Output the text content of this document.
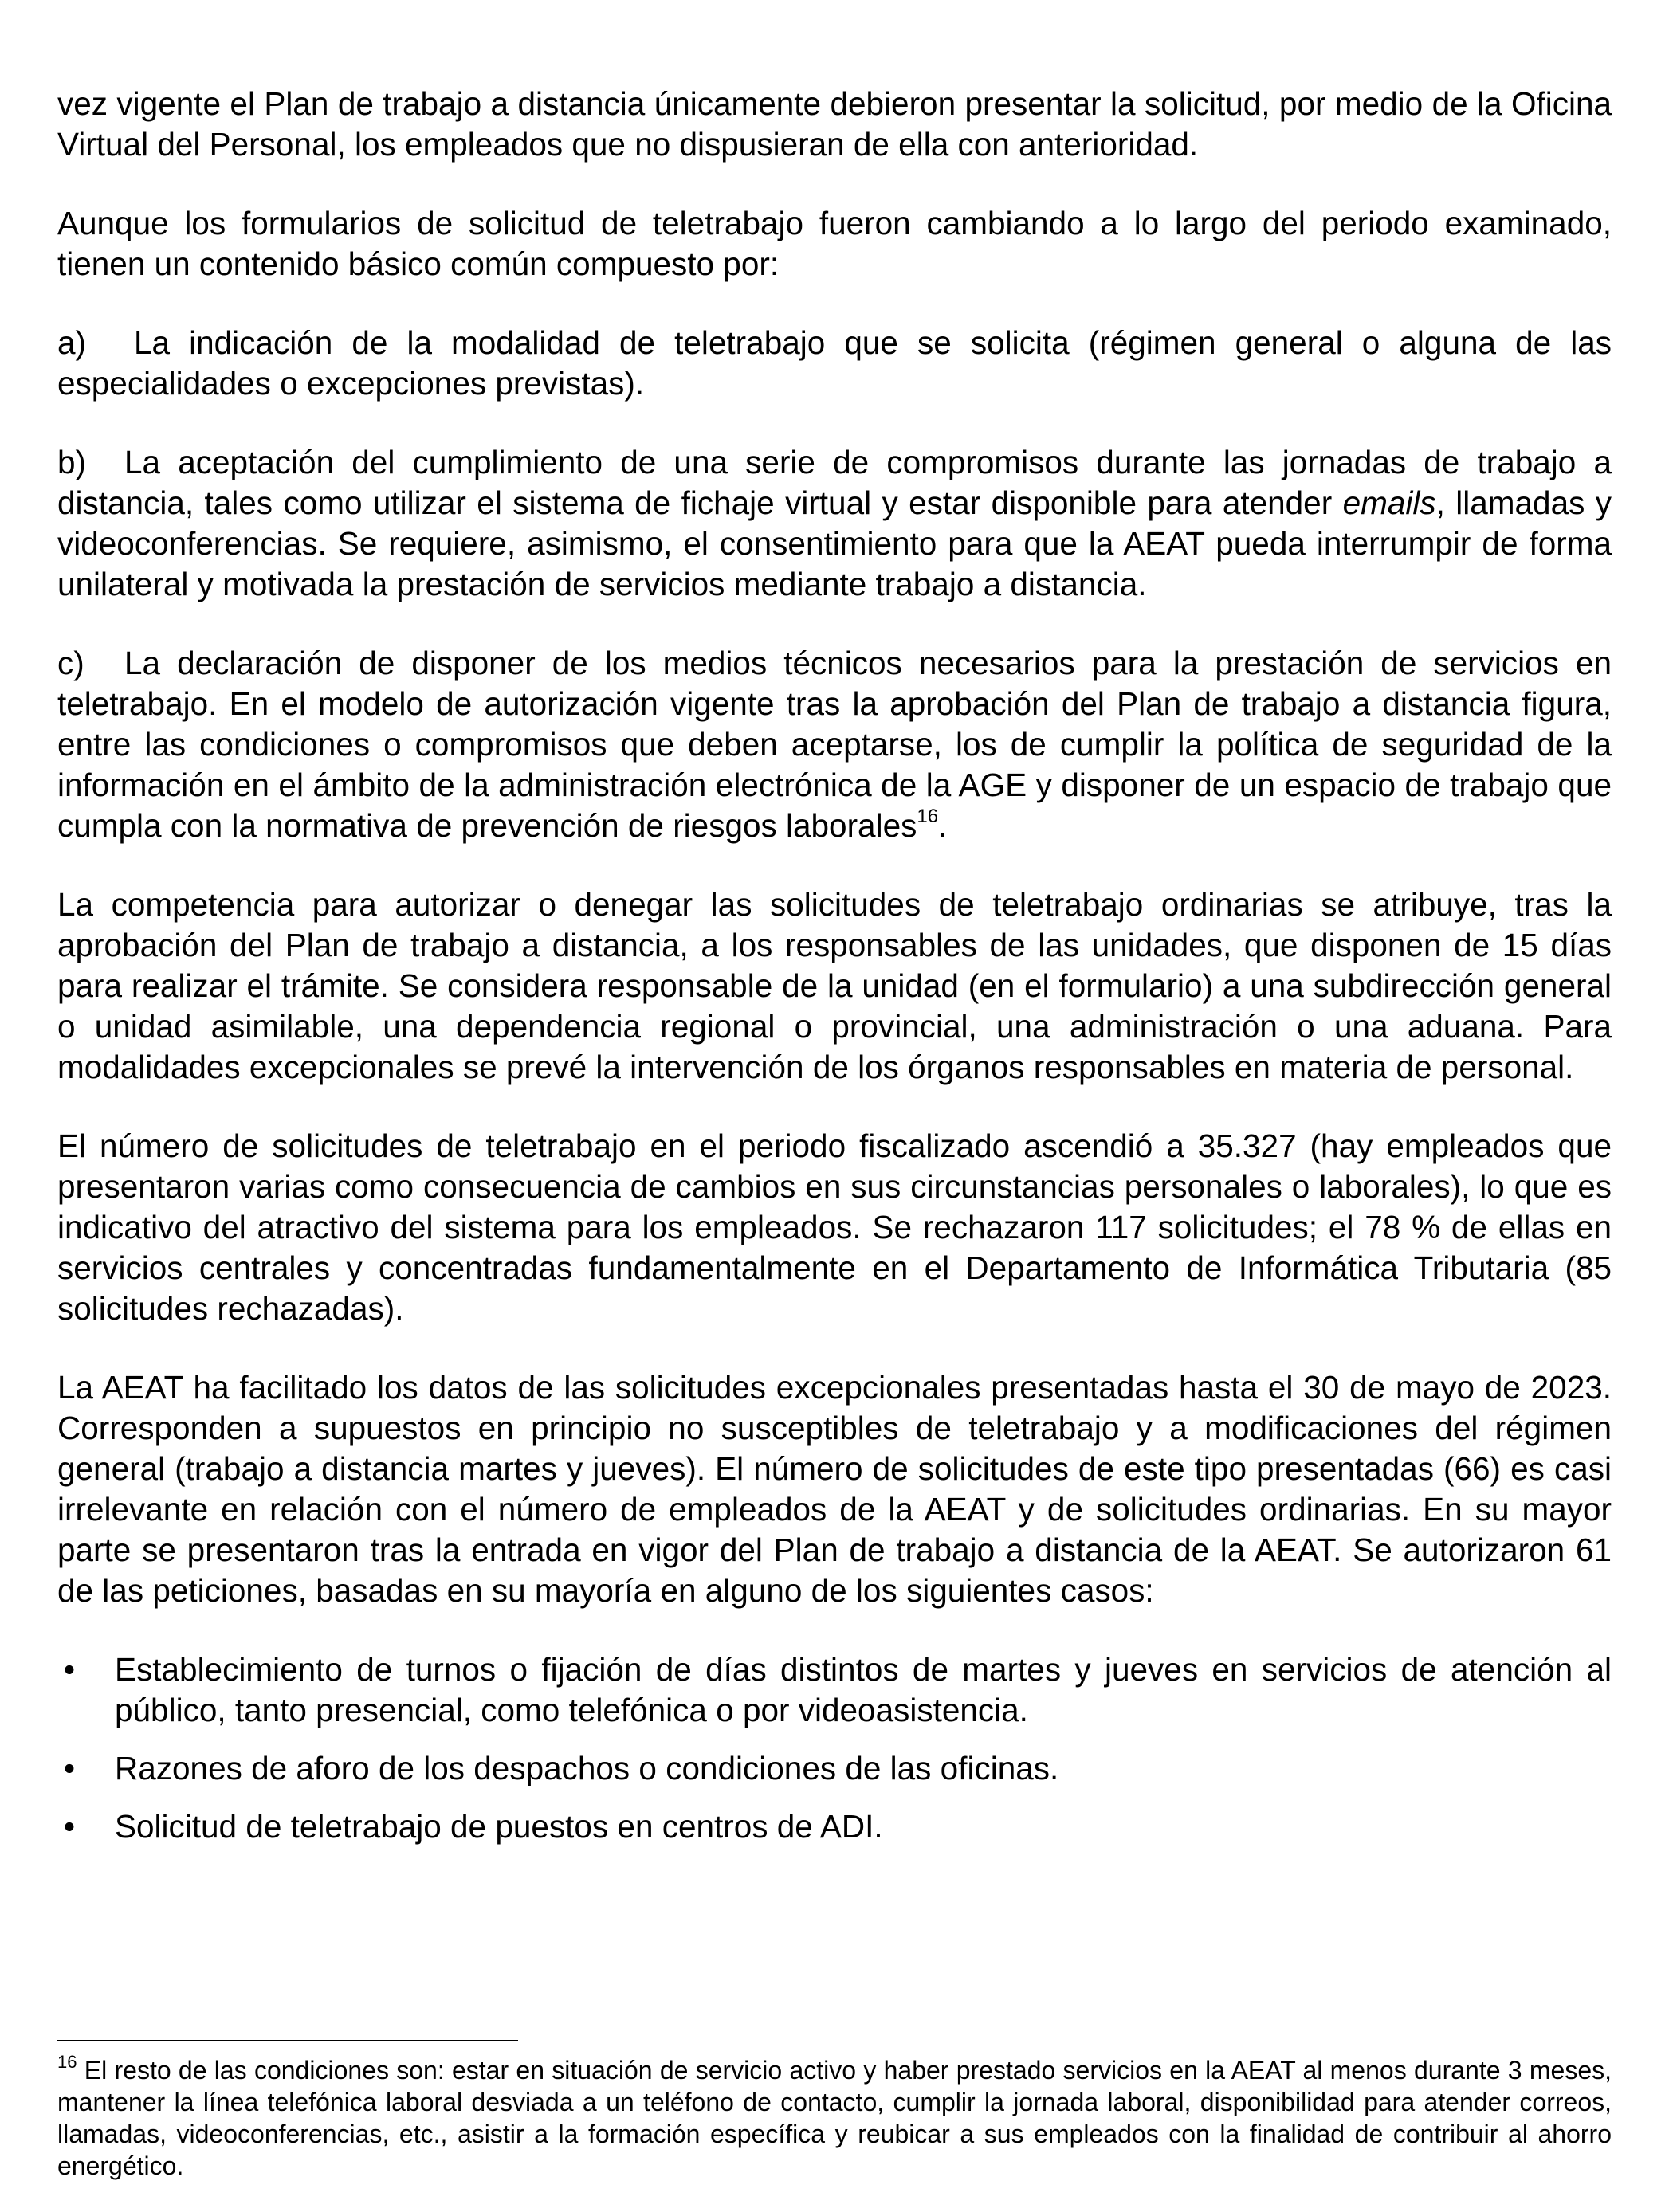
vez vigente el Plan de trabajo a distancia únicamente debieron presentar la solicitud, por medio de la Oficina Virtual del Personal, los empleados que no dispusieran de ella con anterioridad.

Aunque los formularios de solicitud de teletrabajo fueron cambiando a lo largo del periodo examinado, tienen un contenido básico común compuesto por:

a) La indicación de la modalidad de teletrabajo que se solicita (régimen general o alguna de las especialidades o excepciones previstas).

b) La aceptación del cumplimiento de una serie de compromisos durante las jornadas de trabajo a distancia, tales como utilizar el sistema de fichaje virtual y estar disponible para atender emails, llamadas y videoconferencias. Se requiere, asimismo, el consentimiento para que la AEAT pueda interrumpir de forma unilateral y motivada la prestación de servicios mediante trabajo a distancia.

c) La declaración de disponer de los medios técnicos necesarios para la prestación de servicios en teletrabajo. En el modelo de autorización vigente tras la aprobación del Plan de trabajo a distancia figura, entre las condiciones o compromisos que deben aceptarse, los de cumplir la política de seguridad de la información en el ámbito de la administración electrónica de la AGE y disponer de un espacio de trabajo que cumpla con la normativa de prevención de riesgos laborales$^{16}$.

La competencia para autorizar o denegar las solicitudes de teletrabajo ordinarias se atribuye, tras la aprobación del Plan de trabajo a distancia, a los responsables de las unidades, que disponen de 15 días para realizar el trámite. Se considera responsable de la unidad (en el formulario) a una subdirección general o unidad asimilable, una dependencia regional o provincial, una administración o una aduana. Para modalidades excepcionales se prevé la intervención de los órganos responsables en materia de personal.

El número de solicitudes de teletrabajo en el periodo fiscalizado ascendió a 35.327 (hay empleados que presentaron varias como consecuencia de cambios en sus circunstancias personales o laborales), lo que es indicativo del atractivo del sistema para los empleados. Se rechazaron 117 solicitudes; el 78 % de ellas en servicios centrales y concentradas fundamentalmente en el Departamento de Informática Tributaria (85 solicitudes rechazadas).

La AEAT ha facilitado los datos de las solicitudes excepcionales presentadas hasta el 30 de mayo de 2023. Corresponden a supuestos en principio no susceptibles de teletrabajo y a modificaciones del régimen general (trabajo a distancia martes y jueves). El número de solicitudes de este tipo presentadas (66) es casi irrelevante en relación con el número de empleados de la AEAT y de solicitudes ordinarias. En su mayor parte se presentaron tras la entrada en vigor del Plan de trabajo a distancia de la AEAT. Se autorizaron 61 de las peticiones, basadas en su mayoría en alguno de los siguientes casos:

• Establecimiento de turnos o fijación de días distintos de martes y jueves en servicios de atención al público, tanto presencial, como telefónica o por videoasistencia.
• Razones de aforo de los despachos o condiciones de las oficinas.
• Solicitud de teletrabajo de puestos en centros de ADI.

$^{16}$ El resto de las condiciones son: estar en situación de servicio activo y haber prestado servicios en la AEAT al menos durante 3 meses, mantener la línea telefónica laboral desviada a un teléfono de contacto, cumplir la jornada laboral, disponibilidad para atender correos, llamadas, videoconferencias, etc., asistir a la formación específica y reubicar a sus empleados con la finalidad de contribuir al ahorro energético.
